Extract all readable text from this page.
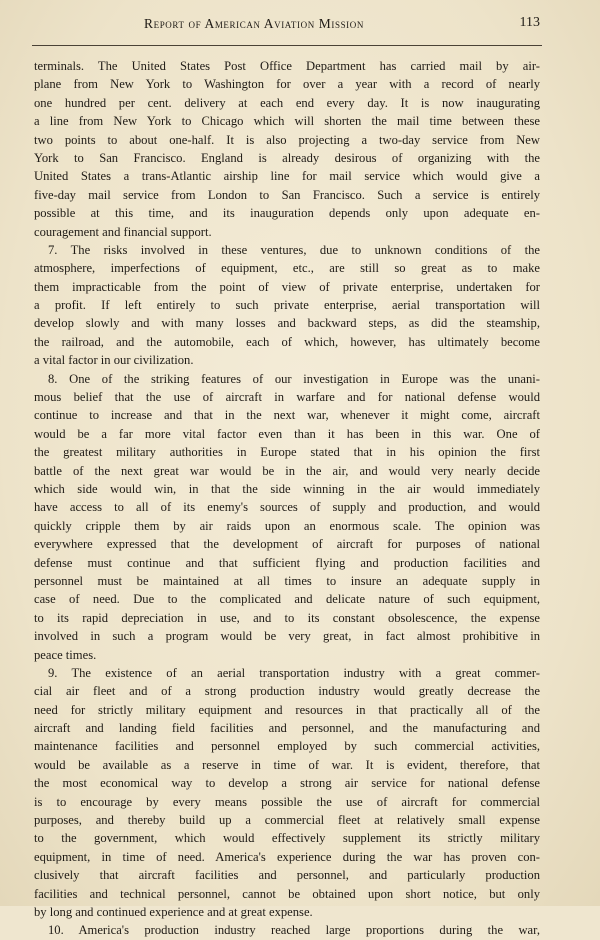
Report of American Aviation Mission	113
terminals. The United States Post Office Department has carried mail by air-
plane from New York to Washington for over a year with a record of nearly
one hundred per cent. delivery at each end every day. It is now inaugurating
a line from New York to Chicago which will shorten the mail time between these
two points to about one-half. It is also projecting a two-day service from New
York to San Francisco. England is already desirous of organizing with the
United States a trans-Atlantic airship line for mail service which would give a
five-day mail service from London to San Francisco. Such a service is entirely
possible at this time, and its inauguration depends only upon adequate en-
couragement and financial support.
7. The risks involved in these ventures, due to unknown conditions of the
atmosphere, imperfections of equipment, etc., are still so great as to make
them impracticable from the point of view of private enterprise, undertaken for
a profit. If left entirely to such private enterprise, aerial transportation will
develop slowly and with many losses and backward steps, as did the steamship,
the railroad, and the automobile, each of which, however, has ultimately become
a vital factor in our civilization.
8. One of the striking features of our investigation in Europe was the unani-
mous belief that the use of aircraft in warfare and for national defense would
continue to increase and that in the next war, whenever it might come, aircraft
would be a far more vital factor even than it has been in this war. One of
the greatest military authorities in Europe stated that in his opinion the first
battle of the next great war would be in the air, and would very nearly decide
which side would win, in that the side winning in the air would immediately
have access to all of its enemy's sources of supply and production, and would
quickly cripple them by air raids upon an enormous scale. The opinion was
everywhere expressed that the development of aircraft for purposes of national
defense must continue and that sufficient flying and production facilities and
personnel must be maintained at all times to insure an adequate supply in
case of need. Due to the complicated and delicate nature of such equipment,
to its rapid depreciation in use, and to its constant obsolescence, the expense
involved in such a program would be very great, in fact almost prohibitive in
peace times.
9. The existence of an aerial transportation industry with a great commer-
cial air fleet and of a strong production industry would greatly decrease the
need for strictly military equipment and resources in that practically all of the
aircraft and landing field facilities and personnel, and the manufacturing and
maintenance facilities and personnel employed by such commercial activities,
would be available as a reserve in time of war. It is evident, therefore, that
the most economical way to develop a strong air service for national defense
is to encourage by every means possible the use of aircraft for commercial
purposes, and thereby build up a commercial fleet at relatively small expense
to the government, which would effectively supplement its strictly military
equipment, in time of need. America's experience during the war has proven con-
clusively that aircraft facilities and personnel, and particularly production
facilities and technical personnel, cannot be obtained upon short notice, but only
by long and continued experience and at great expense.
10. America's production industry reached large proportions during the war,
